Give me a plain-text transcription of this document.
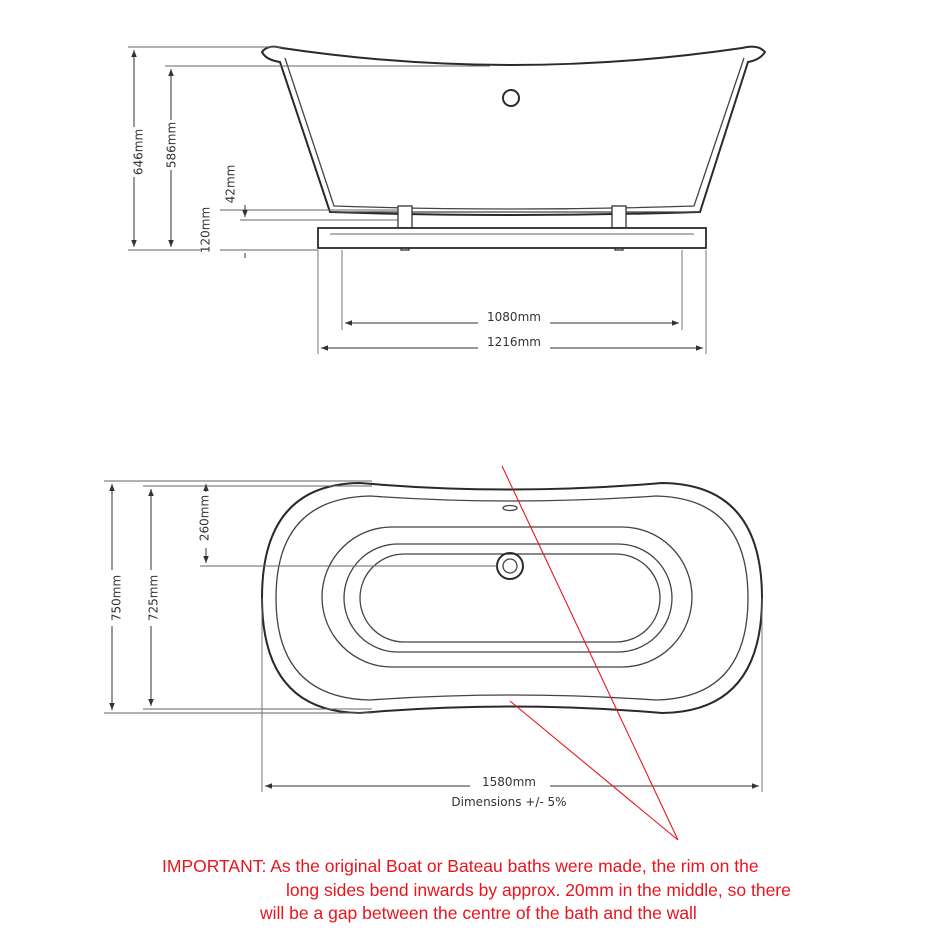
646mm 586mm
120mm
42mm
1080mm
1216mm
750mm 725mm
260mm
1580mm
Dimensions +/- 5%
IMPORTANT: As the original Boat or Bateau baths were made, the rim on the
long sides bend inwards by approx. 20mm in the middle, so there
will be a gap between the centre of the bath and the wall
